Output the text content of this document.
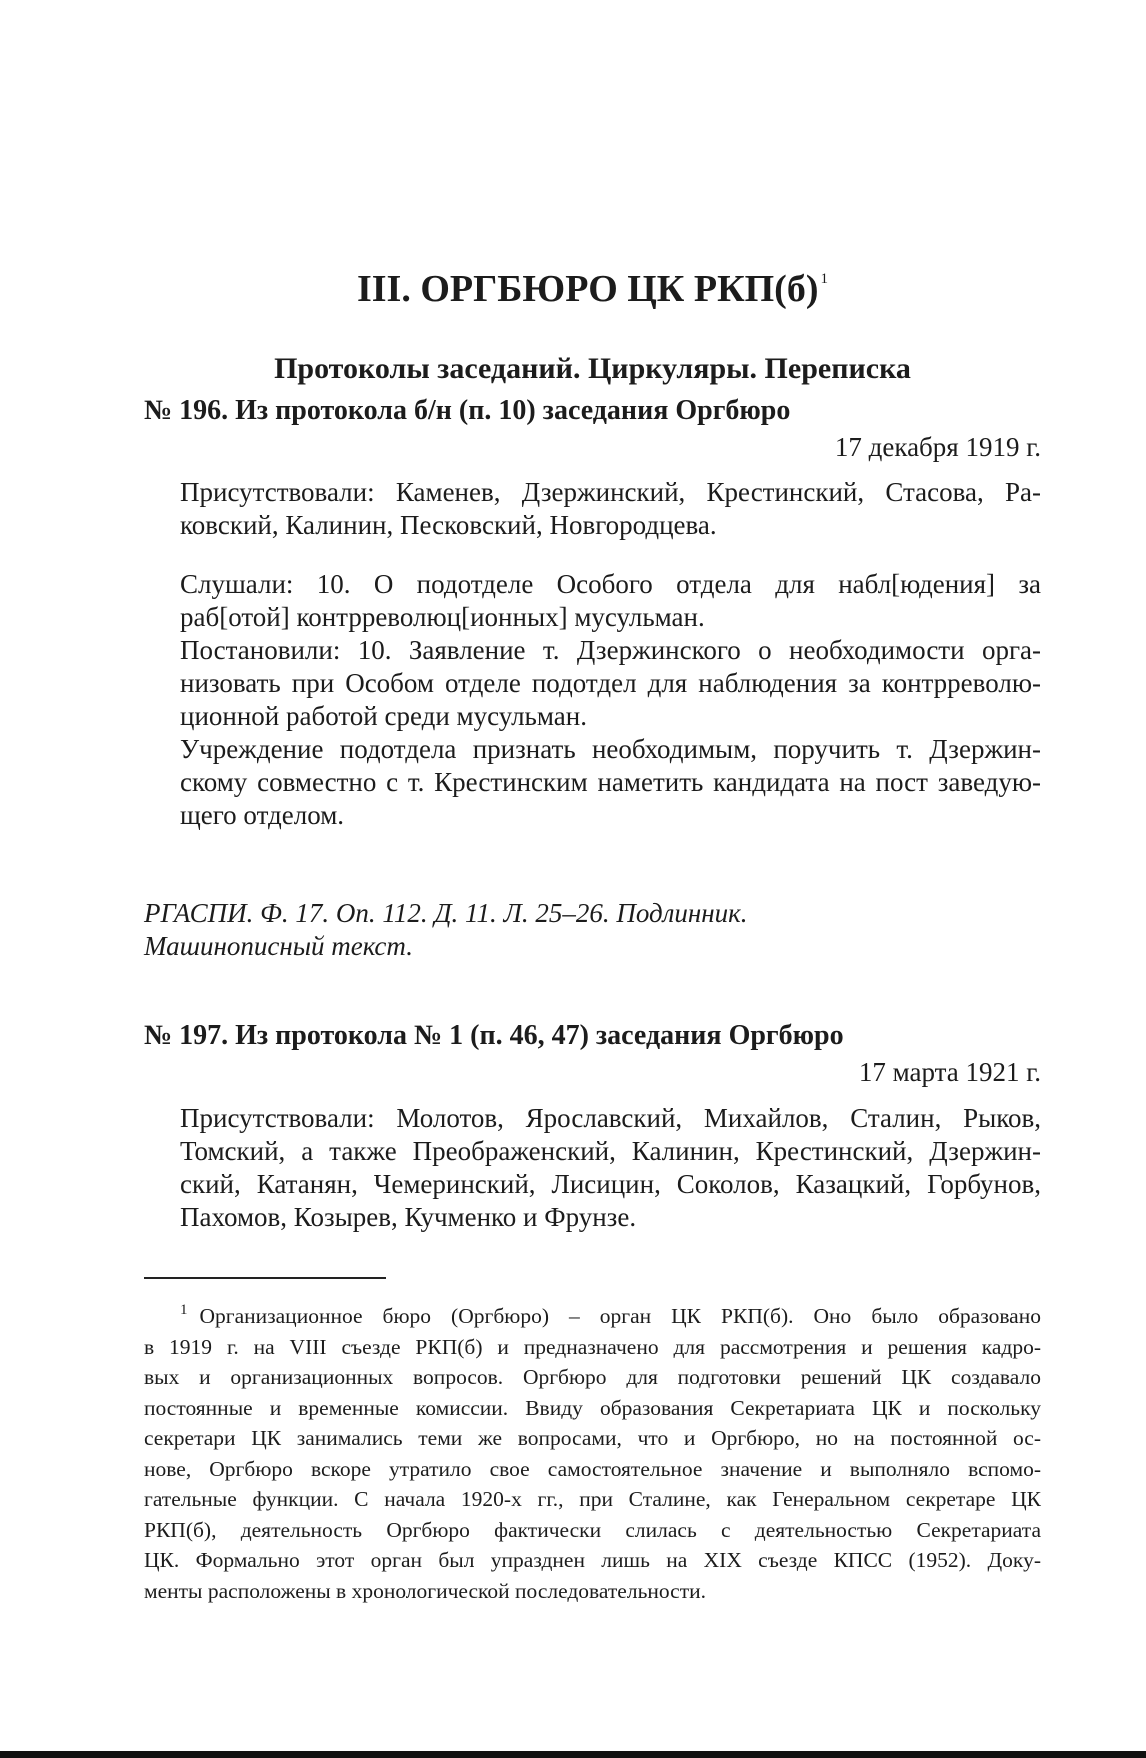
III. ОРГБЮРО ЦК РКП(б) $^1$
Протоколы заседаний. Циркуляры. Переписка

№ 196. Из протокола б/н (п. 10) заседания Оргбюро

17 декабря 1919 г.

Присутствовали: Каменев, Дзержинский, Крестинский, Стасова, Ра-
ковский, Калинин, Песковский, Новгородцева.
Слушали: 10. О подотделе Особого отдела для набл[юдения] за
раб[отой] контрреволюц[ионных] мусульман.
Постановили: 10. Заявление т. Дзержинского о необходимости орга-
низовать при Особом отделе подотдел для наблюдения за контрреволю-
ционной работой среди мусульман.
Учреждение подотдела признать необходимым, поручить т. Дзержин-
скому совместно с т. Крестинским наметить кандидата на пост заведую-
щего отделом.
РГАСПИ. Ф. 17. Оп. 112. Д. 11. Л. 25–26. Подлинник.
Машинописный текст.

№ 197. Из протокола № 1 (п. 46, 47) заседания Оргбюро

17 марта 1921 г.

Присутствовали: Молотов, Ярославский, Михайлов, Сталин, Рыков,
Томский, а также Преображенский, Калинин, Крестинский, Дзержин-
ский, Катанян, Чемеринский, Лисицин, Соколов, Казацкий, Горбунов,
Пахомов, Козырев, Кучменко и Фрунзе.
$^1$ Организационное бюро (Оргбюро) – орган ЦК РКП(б). Оно было образовано
в 1919 г. на VIII съезде РКП(б) и предназначено для рассмотрения и решения кадро-
вых и организационных вопросов. Оргбюро для подготовки решений ЦК создавало
постоянные и временные комиссии. Ввиду образования Секретариата ЦК и поскольку
секретари ЦК занимались теми же вопросами, что и Оргбюро, но на постоянной ос-
нове, Оргбюро вскоре утратило свое самостоятельное значение и выполняло вспомо-
гательные функции. С начала 1920-х гг., при Сталине, как Генеральном секретаре ЦК
РКП(б), деятельность Оргбюро фактически слилась с деятельностью Секретариата
ЦК. Формально этот орган был упразднен лишь на XIX съезде КПСС (1952). Доку-
менты расположены в хронологической последовательности.
